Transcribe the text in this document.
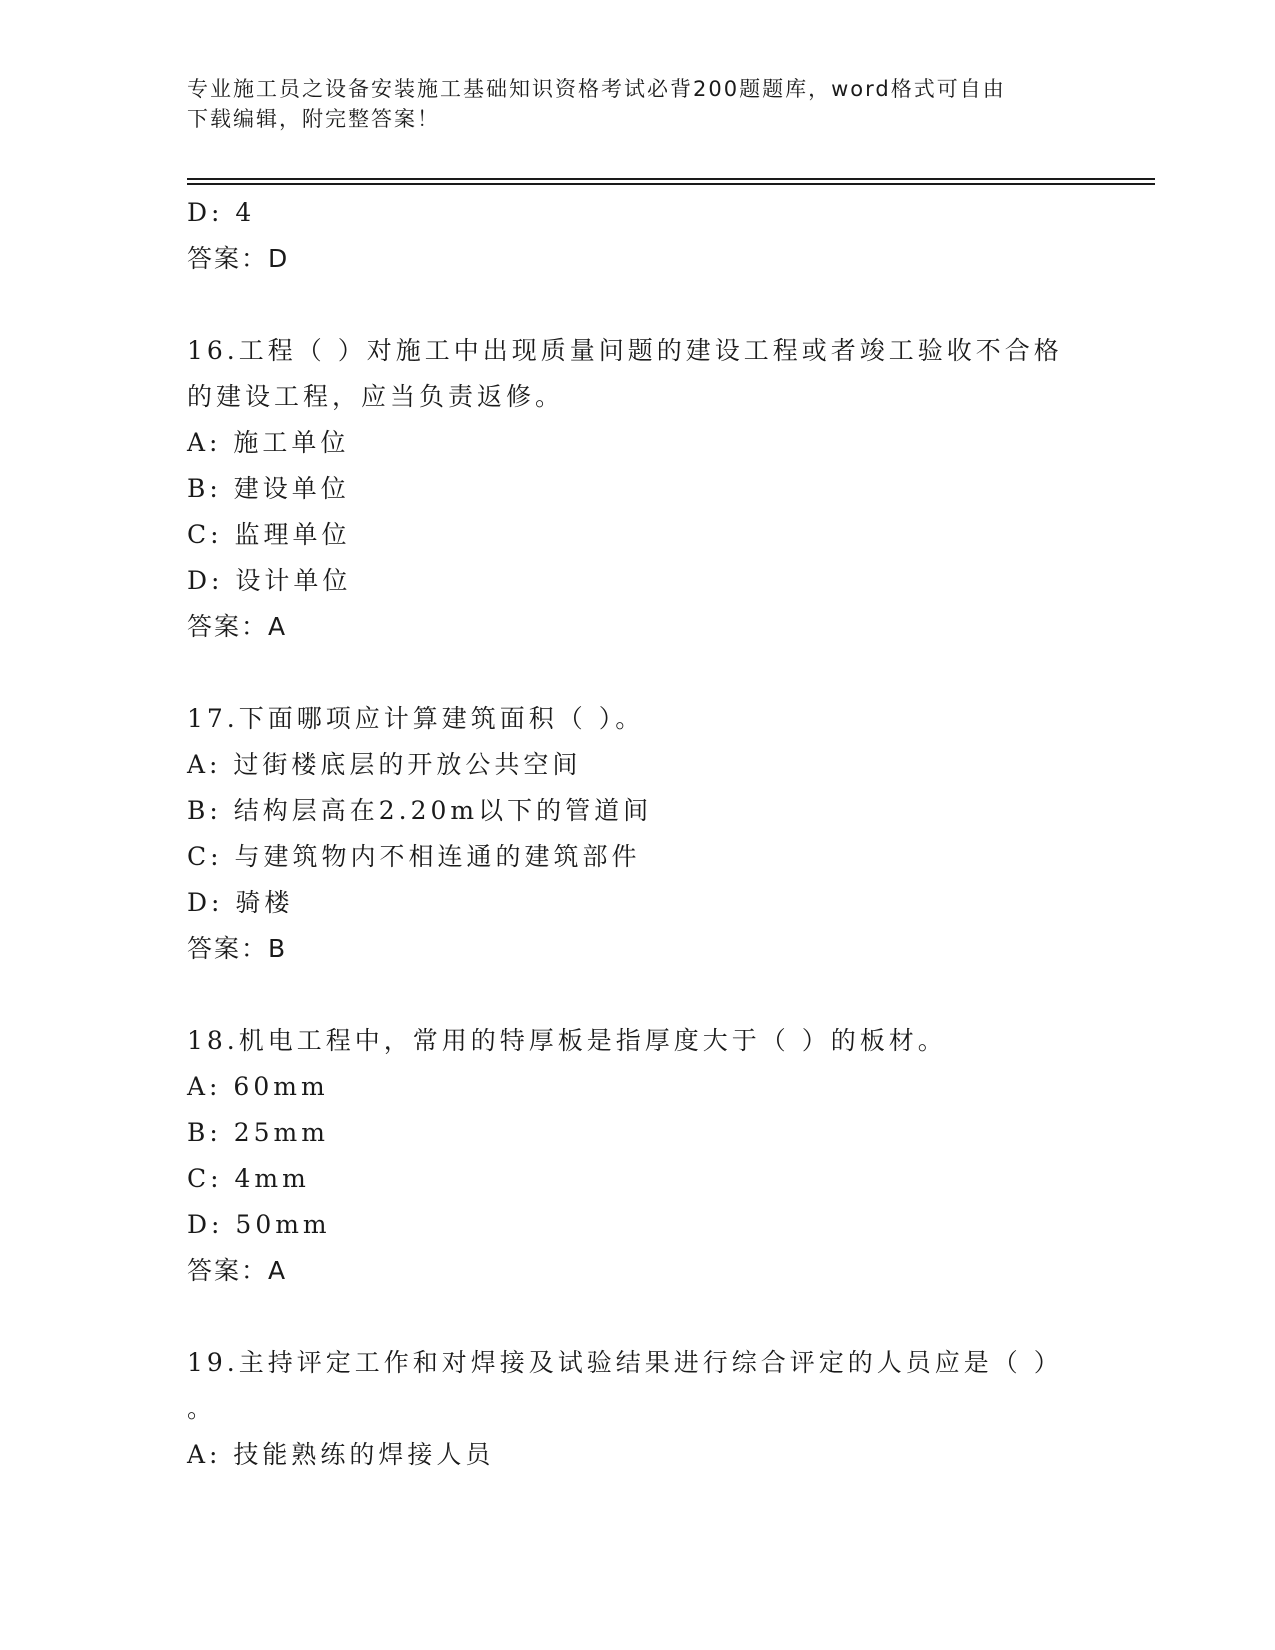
专业施工员之设备安装施工基础知识资格考试必背200题题库，word格式可自由
下载编辑，附完整答案！
D: 4
答案：D
16.工程（ ）对施工中出现质量问题的建设工程或者竣工验收不合格
的建设工程，应当负责返修。
A: 施工单位
B: 建设单位
C: 监理单位
D: 设计单位
答案：A
17.下面哪项应计算建筑面积（ ）。
A: 过街楼底层的开放公共空间
B: 结构层高在2.20m以下的管道间
C: 与建筑物内不相连通的建筑部件
D: 骑楼
答案：B
18.机电工程中，常用的特厚板是指厚度大于（ ）的板材。
A: 60mm
B: 25mm
C: 4mm
D: 50mm
答案：A
19.主持评定工作和对焊接及试验结果进行综合评定的人员应是（ ）
。
A: 技能熟练的焊接人员
